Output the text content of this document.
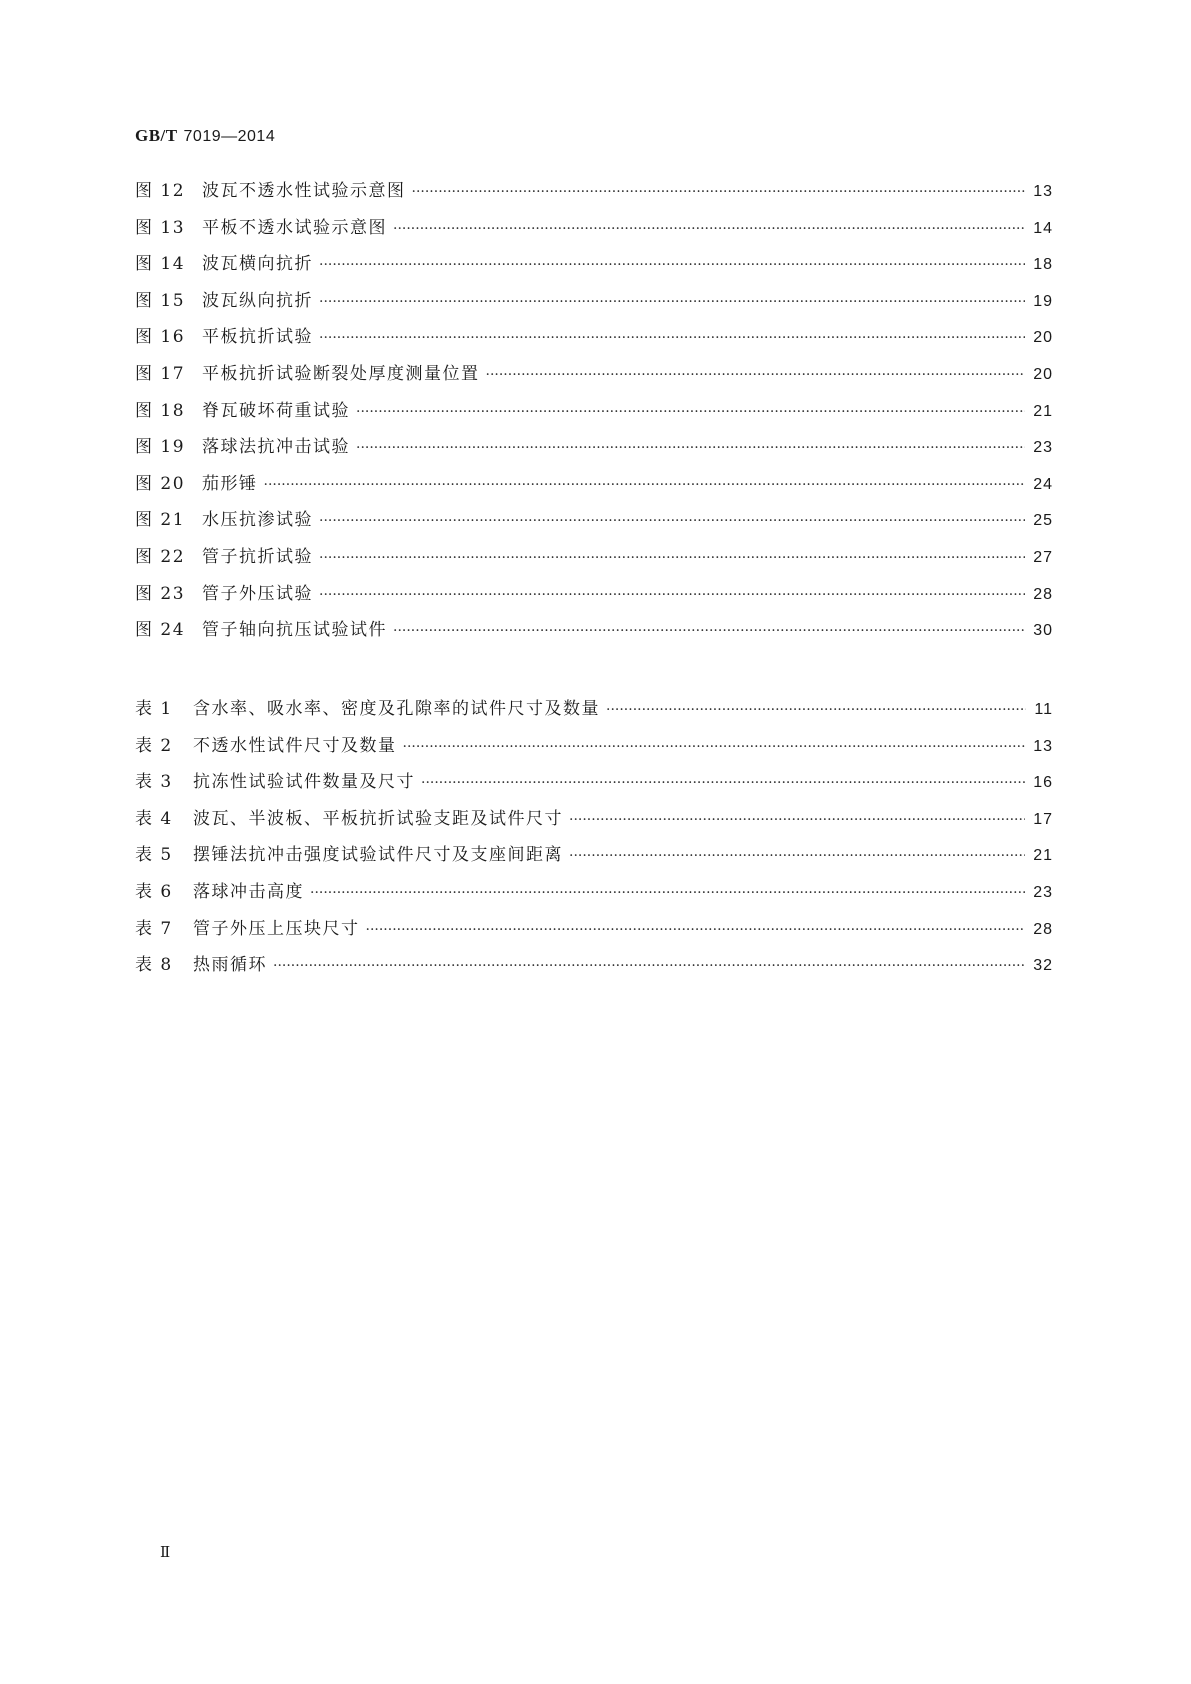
GB/T 7019—2014
图 12 波瓦不透水性试验示意图 ·····	13
图 13 平板不透水试验示意图 ·····	14
图 14 波瓦横向抗折 ·····	18
图 15 波瓦纵向抗折 ·····	19
图 16 平板抗折试验 ·····	20
图 17 平板抗折试验断裂处厚度测量位置 ·····	20
图 18 脊瓦破坏荷重试验 ·····	21
图 19 落球法抗冲击试验 ·····	23
图 20 茄形锤 ·····	24
图 21 水压抗渗试验 ·····	25
图 22 管子抗折试验 ·····	27
图 23 管子外压试验 ·····	28
图 24 管子轴向抗压试验试件 ·····	30
表 1	含水率、吸水率、密度及孔隙率的试件尺寸及数量 ·····	11
表 2	不透水性试件尺寸及数量 ·····	13
表 3	抗冻性试验试件数量及尺寸 ·····	16
表 4	波瓦、半波板、平板抗折试验支距及试件尺寸 ·····	17
表 5	摆锤法抗冲击强度试验试件尺寸及支座间距离 ·····	21
表 6	落球冲击高度 ·····	23
表 7	管子外压上压块尺寸 ·····	28
表 8	热雨循环 ·····	32
Ⅱ
